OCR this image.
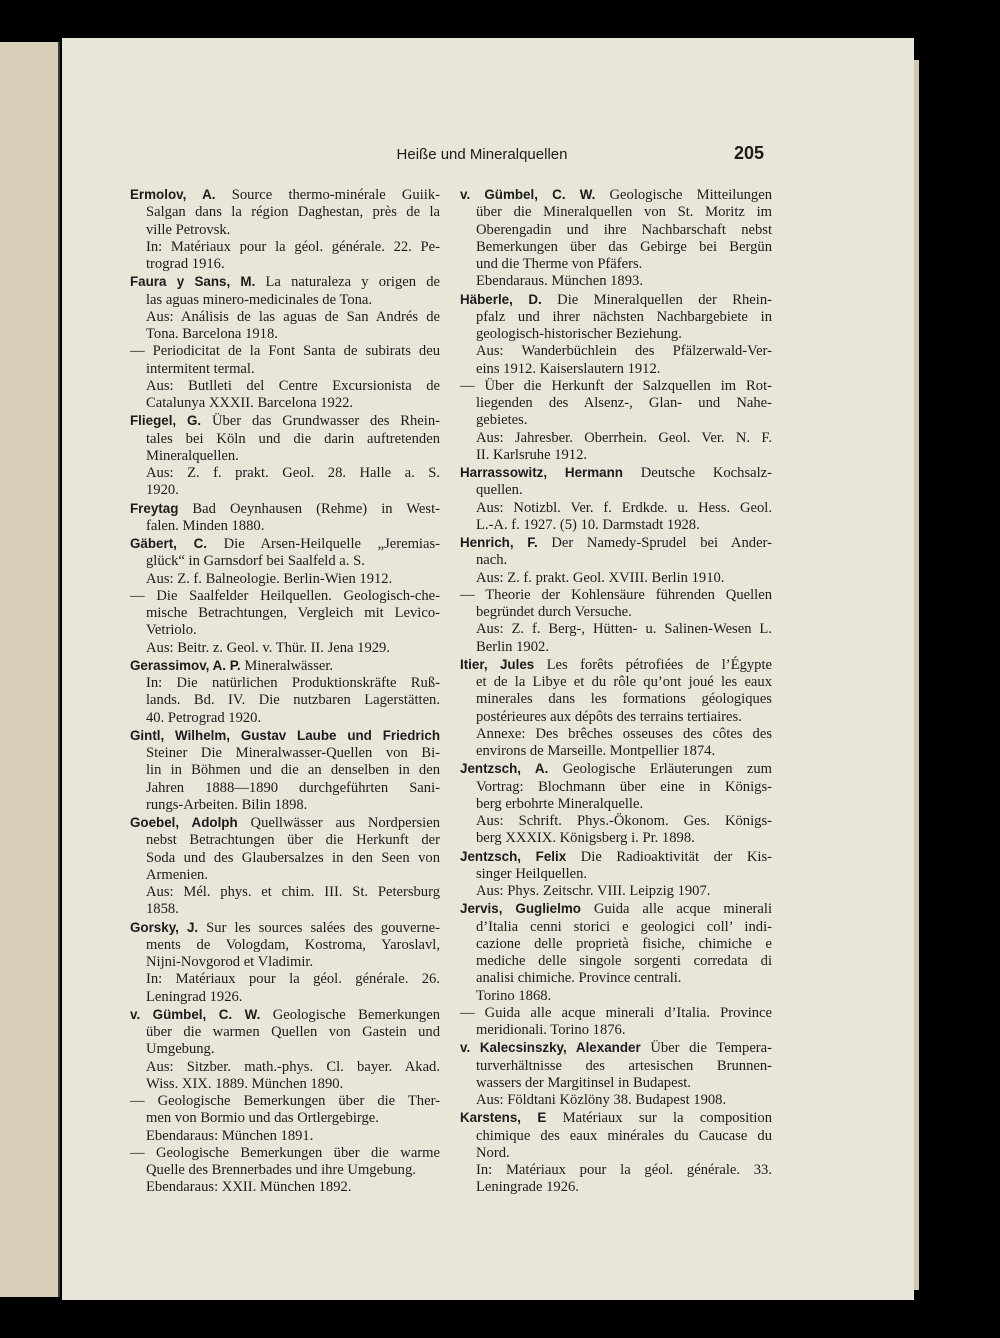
Heiße und Mineralquellen	205
Ermolov, A. Source thermo-minérale Guiik-
Salgan dans la région Daghestan, près de la
ville Petrovsk.
In: Matériaux pour la géol. générale. 22. Pe-
trograd 1916.
Faura y Sans, M. La naturaleza y origen de
las aguas minero-medicinales de Tona.
Aus: Análisis de las aguas de San Andrés de
Tona. Barcelona 1918.
— Periodicitat de la Font Santa de subirats deu
intermitent termal.
Aus: Butlleti del Centre Excursionista de
Catalunya XXXII. Barcelona 1922.
Fliegel, G. Über das Grundwasser des Rhein-
tales bei Köln und die darin auftretenden
Mineralquellen.
Aus: Z. f. prakt. Geol. 28. Halle a. S.
1920.
Freytag Bad Oeynhausen (Rehme) in West-
falen. Minden 1880.
Gäbert, C. Die Arsen-Heilquelle „Jeremias-
glück“ in Garnsdorf bei Saalfeld a. S.
Aus: Z. f. Balneologie. Berlin-Wien 1912.
— Die Saalfelder Heilquellen. Geologisch-che-
mische Betrachtungen, Vergleich mit Levico-
Vetriolo.
Aus: Beitr. z. Geol. v. Thür. II. Jena 1929.
Gerassimov, A. P. Mineralwässer.
In: Die natürlichen Produktionskräfte Ruß-
lands. Bd. IV. Die nutzbaren Lagerstätten.
40. Petrograd 1920.
Gintl, Wilhelm, Gustav Laube und Friedrich
Steiner Die Mineralwasser-Quellen von Bi-
lin in Böhmen und die an denselben in den
Jahren 1888—1890 durchgeführten Sani-
rungs-Arbeiten. Bilin 1898.
Goebel, Adolph Quellwässer aus Nordpersien
nebst Betrachtungen über die Herkunft der
Soda und des Glaubersalzes in den Seen von
Armenien.
Aus: Mél. phys. et chim. III. St. Petersburg
1858.
Gorsky, J. Sur les sources salées des gouverne-
ments de Vologdam, Kostroma, Yaroslavl,
Nijni-Novgorod et Vladimir.
In: Matériaux pour la géol. générale. 26.
Leningrad 1926.
v. Gümbel, C. W. Geologische Bemerkungen
über die warmen Quellen von Gastein und
Umgebung.
Aus: Sitzber. math.-phys. Cl. bayer. Akad.
Wiss. XIX. 1889. München 1890.
— Geologische Bemerkungen über die Ther-
men von Bormio und das Ortlergebirge.
Ebendaraus: München 1891.
— Geologische Bemerkungen über die warme
Quelle des Brennerbades und ihre Umgebung.
Ebendaraus: XXII. München 1892.
v. Gümbel, C. W. Geologische Mitteilungen
über die Mineralquellen von St. Moritz im
Oberengadin und ihre Nachbarschaft nebst
Bemerkungen über das Gebirge bei Bergün
und die Therme von Pfäfers.
Ebendaraus. München 1893.
Häberle, D. Die Mineralquellen der Rhein-
pfalz und ihrer nächsten Nachbargebiete in
geologisch-historischer Beziehung.
Aus: Wanderbüchlein des Pfälzerwald-Ver-
eins 1912. Kaiserslautern 1912.
— Über die Herkunft der Salzquellen im Rot-
liegenden des Alsenz-, Glan- und Nahe-
gebietes.
Aus: Jahresber. Oberrhein. Geol. Ver. N. F.
II. Karlsruhe 1912.
Harrassowitz, Hermann Deutsche Kochsalz-
quellen.
Aus: Notizbl. Ver. f. Erdkde. u. Hess. Geol.
L.-A. f. 1927. (5) 10. Darmstadt 1928.
Henrich, F. Der Namedy-Sprudel bei Ander-
nach.
Aus: Z. f. prakt. Geol. XVIII. Berlin 1910.
— Theorie der Kohlensäure führenden Quellen
begründet durch Versuche.
Aus: Z. f. Berg-, Hütten- u. Salinen-Wesen L.
Berlin 1902.
Itier, Jules Les forêts pétrofiées de l’Égypte
et de la Libye et du rôle qu’ont joué les eaux
minerales dans les formations géologiques
postérieures aux dépôts des terrains tertiaires.
Annexe: Des brêches osseuses des côtes des
environs de Marseille. Montpellier 1874.
Jentzsch, A. Geologische Erläuterungen zum
Vortrag: Blochmann über eine in Königs-
berg erbohrte Mineralquelle.
Aus: Schrift. Phys.-Ökonom. Ges. Königs-
berg XXXIX. Königsberg i. Pr. 1898.
Jentzsch, Felix Die Radioaktivität der Kis-
singer Heilquellen.
Aus: Phys. Zeitschr. VIII. Leipzig 1907.
Jervis, Guglielmo Guida alle acque minerali
d’Italia cenni storici e geologici coll’ indi-
cazione delle proprietà fisiche, chimiche e
mediche delle singole sorgenti corredata di
analisi chimiche. Province centrali.
Torino 1868.
— Guida alle acque minerali d’Italia. Province
meridionali. Torino 1876.
v. Kalecsinszky, Alexander Über die Tempera-
turverhältnisse des artesischen Brunnen-
wassers der Margitinsel in Budapest.
Aus: Földtani Közlöny 38. Budapest 1908.
Karstens, E Matériaux sur la composition
chimique des eaux minérales du Caucase du
Nord.
In: Matériaux pour la géol. générale. 33.
Leningrade 1926.
